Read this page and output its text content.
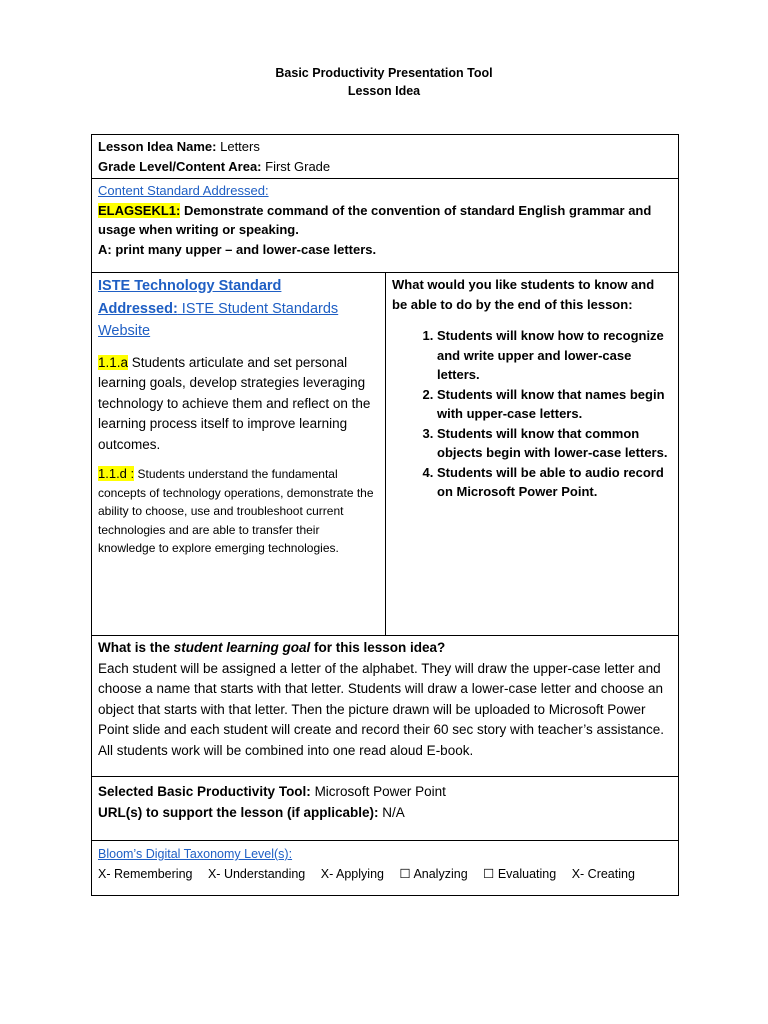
Basic Productivity Presentation Tool
Lesson Idea
Lesson Idea Name: Letters
Grade Level/Content Area: First Grade

Content Standard Addressed:
ELAGSEKL1: Demonstrate command of the convention of standard English grammar and usage when writing or speaking.
A: print many upper – and lower-case letters.

ISTE Technology Standard
Addressed: ISTE Student Standards Website

1.1.a Students articulate and set personal learning goals, develop strategies leveraging technology to achieve them and reflect on the learning process itself to improve learning outcomes.

1.1.d : Students understand the fundamental concepts of technology operations, demonstrate the ability to choose, use and troubleshoot current technologies and are able to transfer their knowledge to explore emerging technologies.

What would you like students to know and be able to do by the end of this lesson:
1. Students will know how to recognize and write upper and lower-case letters.
2. Students will know that names begin with upper-case letters.
3. Students will know that common objects begin with lower-case letters.
4. Students will be able to audio record on Microsoft Power Point.

What is the student learning goal for this lesson idea?
Each student will be assigned a letter of the alphabet. They will draw the upper-case letter and choose a name that starts with that letter. Students will draw a lower-case letter and choose an object that starts with that letter. Then the picture drawn will be uploaded to Microsoft Power Point slide and each student will create and record their 60 sec story with teacher’s assistance. All students work will be combined into one read aloud E-book.

Selected Basic Productivity Tool: Microsoft Power Point
URL(s) to support the lesson (if applicable): N/A

Bloom’s Digital Taxonomy Level(s):
X- Remembering X- Understanding X- Applying ☐ Analyzing ☐ Evaluating X- Creating
